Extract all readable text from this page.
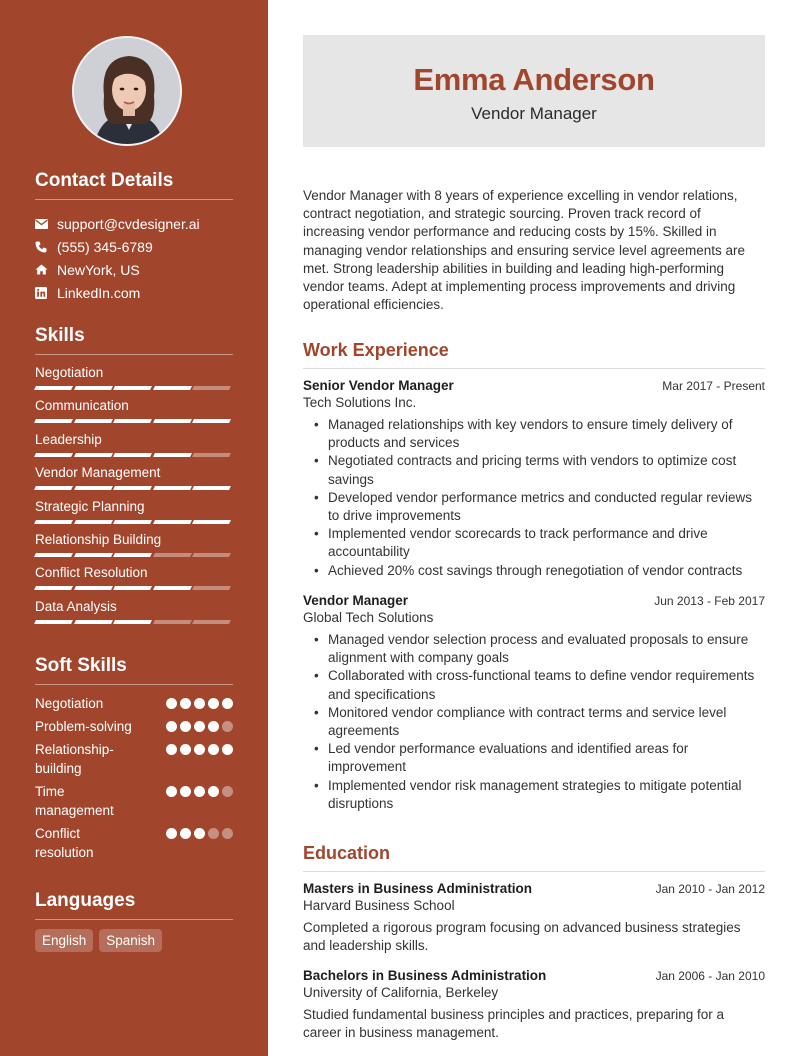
Contact Details
support@cvdesigner.ai
(555) 345-6789
NewYork, US
LinkedIn.com
Skills
Negotiation
Communication
Leadership
Vendor Management
Strategic Planning
Relationship Building
Conflict Resolution
Data Analysis
Soft Skills
Negotiation
Problem-solving
Relationship-building
Time management
Conflict resolution
Languages
English	Spanish
Emma Anderson
Vendor Manager

Vendor Manager with 8 years of experience excelling in vendor relations, contract negotiation, and strategic sourcing. Proven track record of increasing vendor performance and reducing costs by 15%. Skilled in managing vendor relationships and ensuring service level agreements are met. Strong leadership abilities in building and leading high-performing vendor teams. Adept at implementing process improvements and driving operational efficiencies.

Work Experience
Senior Vendor Manager	Mar 2017 - Present
Tech Solutions Inc.
• Managed relationships with key vendors to ensure timely delivery of products and services
• Negotiated contracts and pricing terms with vendors to optimize cost savings
• Developed vendor performance metrics and conducted regular reviews to drive improvements
• Implemented vendor scorecards to track performance and drive accountability
• Achieved 20% cost savings through renegotiation of vendor contracts
Vendor Manager	Jun 2013 - Feb 2017
Global Tech Solutions
• Managed vendor selection process and evaluated proposals to ensure alignment with company goals
• Collaborated with cross-functional teams to define vendor requirements and specifications
• Monitored vendor compliance with contract terms and service level agreements
• Led vendor performance evaluations and identified areas for improvement
• Implemented vendor risk management strategies to mitigate potential disruptions
Education
Masters in Business Administration	Jan 2010 - Jan 2012
Harvard Business School
Completed a rigorous program focusing on advanced business strategies and leadership skills.
Bachelors in Business Administration	Jan 2006 - Jan 2010
University of California, Berkeley
Studied fundamental business principles and practices, preparing for a career in business management.
